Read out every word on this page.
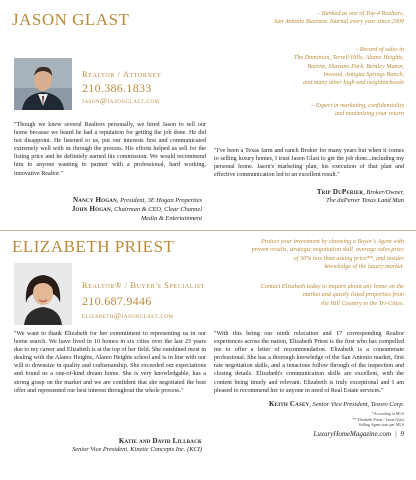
JASON GLAST
Realtor / Attorney
210.386.1833
jason@jasonglast.com
– Ranked as one of Top-4 Realtors,
San Antonio Business Journal every year since 2009
– Record of sales in
The Dominion, Terrell Hills, Alamo Heights,
Boerne, Shavano Park, Bentley Manor,
Inwood, Antigua Springs Ranch,
and many other high-end neighborhoods
– Expert in marketing, confidentiality
and maximizing your return
"Though we knew several Realtors personally, we hired Jason to sell our home because we heard he had a reputation for getting the job done. He did not disappoint. He listened to us, put our interests first and communicated extremely well with us through the process. His efforts helped us sell for the listing price and he definitely earned his commission. We would recommend him to anyone wanting to partner with a professional, hard working, innovative Realtor."
Nancy Hogan, President, 3E Hogan Properties
John Hogan, Chairman & CEO, Clear Channel
Media & Entertainment
"I've been a Texas farm and ranch Broker for many years but when it comes to selling luxury homes, I trust Jason Glast to get the job done...including my personal home. Jason's marketing plan, his execution of that plan and effective communication led to an excellent result."
Trip DuPerier, Broker/Owner,
The duPerier Texas Land Man
ELIZABETH PRIEST
Realtor® / Buyer's Specialist
210.687.9446
elizabeth@jasonglast.com
Protect your investment by choosing a Buyer's Agent with
proven results, strategic negotiation skill, average sales price
of 30% less than asking price**, and insider
knowledge of the luxury market.
Contact Elizabeth today to inquire about any home on the
market and quietly listed properties from
the Hill Country to the Tri-Cities.
"We want to thank Elizabeth for her commitment to representing us in our home search. We have lived in 10 homes in six cities over the last 23 years due to my career and Elizabeth is at the top of her field. She outshined most in dealing with the Alamo Heights, Alamo Heights school and is in line with our will to downsize in quality and craftsmanship. She exceeded our expectations and found us a one-of-kind dream home. She is very knowledgable, has a strong grasp on the market and we are confident that she negotiated the best offer and represented our best interest throughout the whole process."
Katie and David Lillback
Senior Vice President, Kinetic Concepts Inc. (KCI)
"With this being our ninth relocation and 17 corresponding Realtor experiences across the nation, Elizabeth Priest is the first who has compelled me to offer a letter of recommendation. Elizabeth is a consummate professional. She has a thorough knowledge of the San Antonio market, first rate negotiation skills, and a tenacious follow through of the inspection and closing details. Elizabeth's communication skills are excellent, with the content being timely and relevant. Elizabeth is truly exceptional and I am pleased to recommend her to anyone in need of Real Estate services."
Keith Casey, Senior Vice President, Tesoro Corp.
*According to MLS
** Elizabeth Priest / Jason Glast
Selling Agent stats per MLS
LuxuryHomeMagazine.com | 9
